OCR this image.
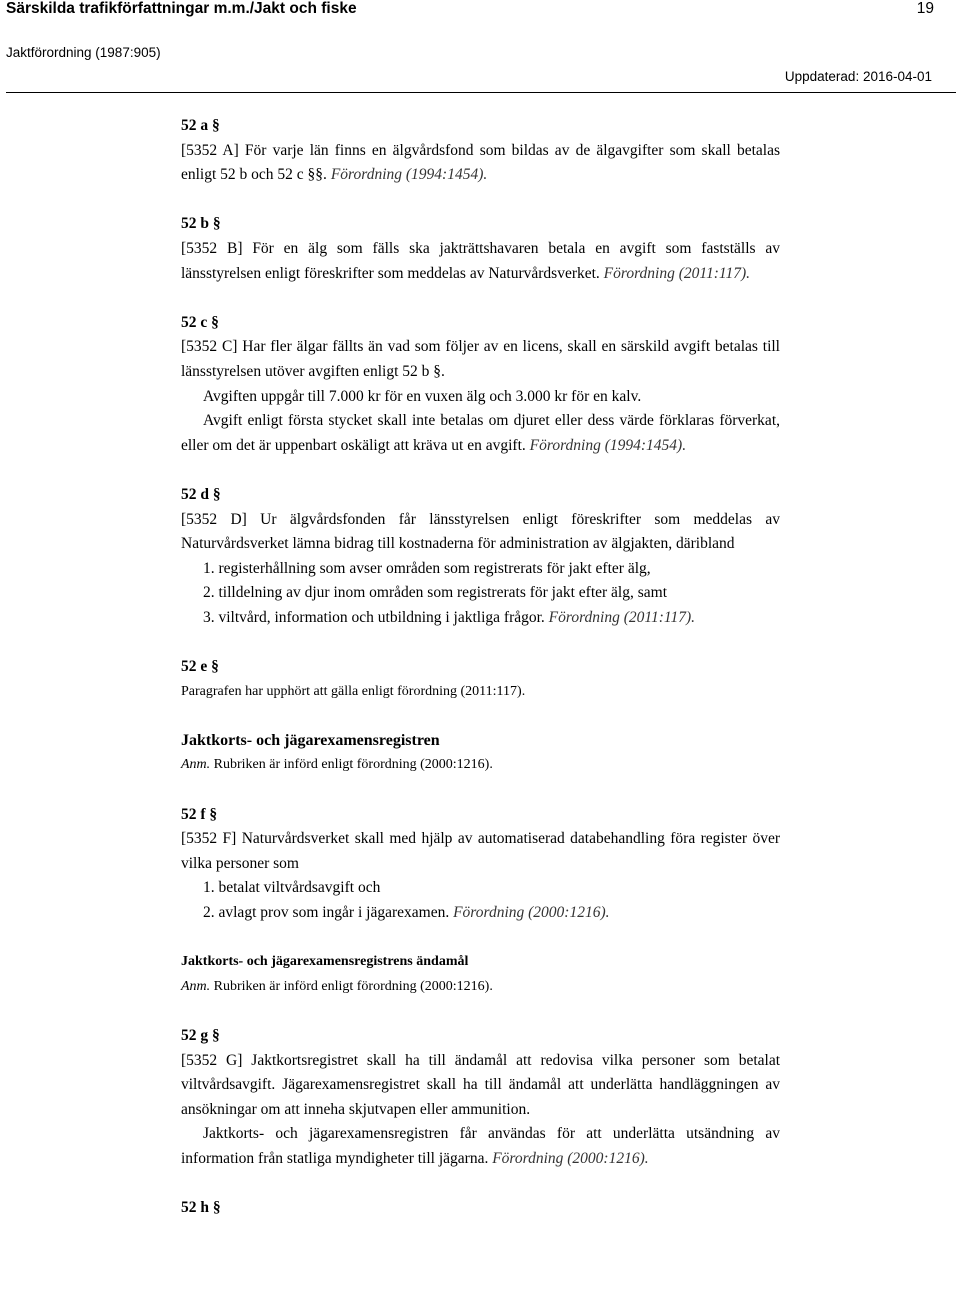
Särskilda trafikförfattningar m.m./Jakt och fiske	19
Jaktförordning (1987:905)
Uppdaterad: 2016-04-01

52 a §

[5352 A] För varje län finns en älgvårdsfond som bildas av de älgavgifter som skall betalas enligt 52 b och 52 c §§. Förordning (1994:1454).

52 b §

[5352 B] För en älg som fälls ska jakträttshavaren betala en avgift som fastställs av länsstyrelsen enligt föreskrifter som meddelas av Naturvårdsverket. Förordning (2011:117).

52 c §

[5352 C] Har fler älgar fällts än vad som följer av en licens, skall en särskild avgift betalas till länsstyrelsen utöver avgiften enligt 52 b §.

Avgiften uppgår till 7.000 kr för en vuxen älg och 3.000 kr för en kalv.

Avgift enligt första stycket skall inte betalas om djuret eller dess värde förklaras förverkat, eller om det är uppenbart oskäligt att kräva ut en avgift. Förordning (1994:1454).

52 d §

[5352 D] Ur älgvårdsfonden får länsstyrelsen enligt föreskrifter som meddelas av Naturvårdsverket lämna bidrag till kostnaderna för administration av älgjakten, däribland

1. registerhållning som avser områden som registrerats för jakt efter älg,

2. tilldelning av djur inom områden som registrerats för jakt efter älg, samt

3. viltvård, information och utbildning i jaktliga frågor. Förordning (2011:117).

52 e §

Paragrafen har upphört att gälla enligt förordning (2011:117).

Jaktkorts- och jägarexamensregistren

Anm. Rubriken är införd enligt förordning (2000:1216).

52 f §

[5352 F] Naturvårdsverket skall med hjälp av automatiserad databehandling föra register över vilka personer som

1. betalat viltvårdsavgift och

2. avlagt prov som ingår i jägarexamen. Förordning (2000:1216).

Jaktkorts- och jägarexamensregistrens ändamål

Anm. Rubriken är införd enligt förordning (2000:1216).

52 g §

[5352 G] Jaktkortsregistret skall ha till ändamål att redovisa vilka personer som betalat viltvårdsavgift. Jägarexamensregistret skall ha till ändamål att underlätta handläggningen av ansökningar om att inneha skjutvapen eller ammunition.

Jaktkorts- och jägarexamensregistren får användas för att underlätta utsändning av information från statliga myndigheter till jägarna. Förordning (2000:1216).

52 h §
